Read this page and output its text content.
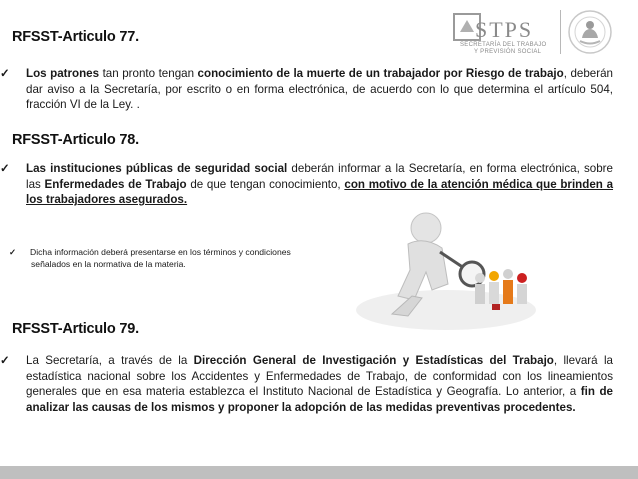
STPS
SECRETARÍA DEL TRABAJO
Y PREVISIÓN SOCIAL
RFSST-Articulo 77.
✓ Los patrones tan pronto tengan conocimiento de la muerte de un trabajador por Riesgo de trabajo, deberán dar aviso a la Secretaría, por escrito o en forma electrónica, de acuerdo con lo que determina el artículo 504, fracción VI de la Ley. .
RFSST-Articulo 78.
✓ Las instituciones públicas de seguridad social deberán informar a la Secretaría, en forma electrónica, sobre las Enfermedades de Trabajo de que tengan conocimiento, con motivo de la atención médica que brinden a los trabajadores asegurados.
✓ Dicha información deberá presentarse en los términos y condiciones señalados en la normativa de la materia.
RFSST-Articulo 79.
✓ La Secretaría, a través de la Dirección General de Investigación y Estadísticas del Trabajo, llevará la estadística nacional sobre los Accidentes y Enfermedades de Trabajo, de conformidad con los lineamientos generales que en esa materia establezca el Instituto Nacional de Estadística y Geografía. Lo anterior, a fin de analizar las causas de los mismos y proponer la adopción de las medidas preventivas procedentes.
